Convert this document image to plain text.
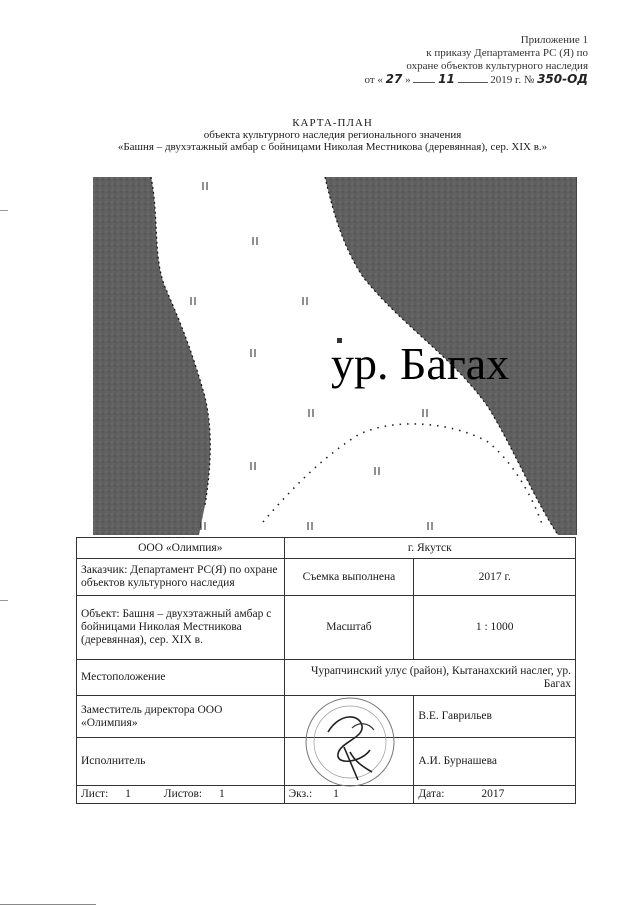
Приложение 1
к приказу Департамента РС (Я) по
охране объектов культурного наследия
от « 27 » 11	2019 г. № 350-ОД
КАРТА-ПЛАН
объекта культурного наследия регионального значения
«Башня – двухэтажный амбар с бойницами Николая Местникова (деревянная), сер. XIX в.»
ур. Багах
ООО «Олимпия»	г. Якутск	
Заказчик: Департамент РС(Я) по охране объектов культурного наследия	Съемка выполнена	2017 г.
Объект: Башня – двухэтажный амбар с бойницами Николая Местникова (деревянная), сер. XIX в.	Масштаб	1 : 1000
Местоположение	Чурапчинский улус (район), Кытанахский наслег, ур. Багах	
Заместитель директора ООО «Олимпия»		В.Е. Гаврильев
Исполнитель		А.И. Бурнашева
Лист: 1 Листов: 1	Экз.: 1	Дата: 2017
